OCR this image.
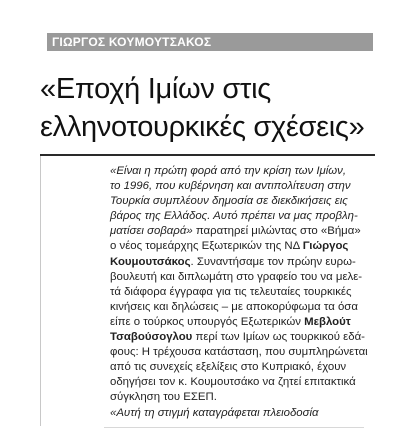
ΓΙΩΡΓΟΣ ΚΟΥΜΟΥΤΣΑΚΟΣ
«Εποχή Ιμίων στις
ελληνοτουρκικές σχέσεις»
«Είναι η πρώτη φορά από την κρίση των Ιμίων,
το 1996, που κυβέρνηση και αντιπολίτευση στην
Τουρκία συμπλέουν δημοσία σε διεκδικήσεις εις
βάρος της Ελλάδος. Αυτό πρέπει να μας προβλη-
ματίσει σοβαρά» παρατηρεί μιλώντας στο «Βήμα»
ο νέος τομεάρχης Εξωτερικών της ΝΔ Γιώργος
Κουμουτσάκος. Συναντήσαμε τον πρώην ευρω-
βουλευτή και διπλωμάτη στο γραφείο του να μελε-
τά διάφορα έγγραφα για τις τελευταίες τουρκικές
κινήσεις και δηλώσεις – με αποκορύφωμα τα όσα
είπε ο τούρκος υπουργός Εξωτερικών Μεβλούτ
Τσαβούσογλου περί των Ιμίων ως τουρκικού εδά-
φους: Η τρέχουσα κατάσταση, που συμπληρώνεται
από τις συνεχείς εξελίξεις στο Κυπριακό, έχουν
οδηγήσει τον κ. Κουμουτσάκο να ζητεί επιτακτικά
σύγκληση του ΕΣΕΠ.
«Αυτή τη στιγμή καταγράφεται πλειοδοσία
